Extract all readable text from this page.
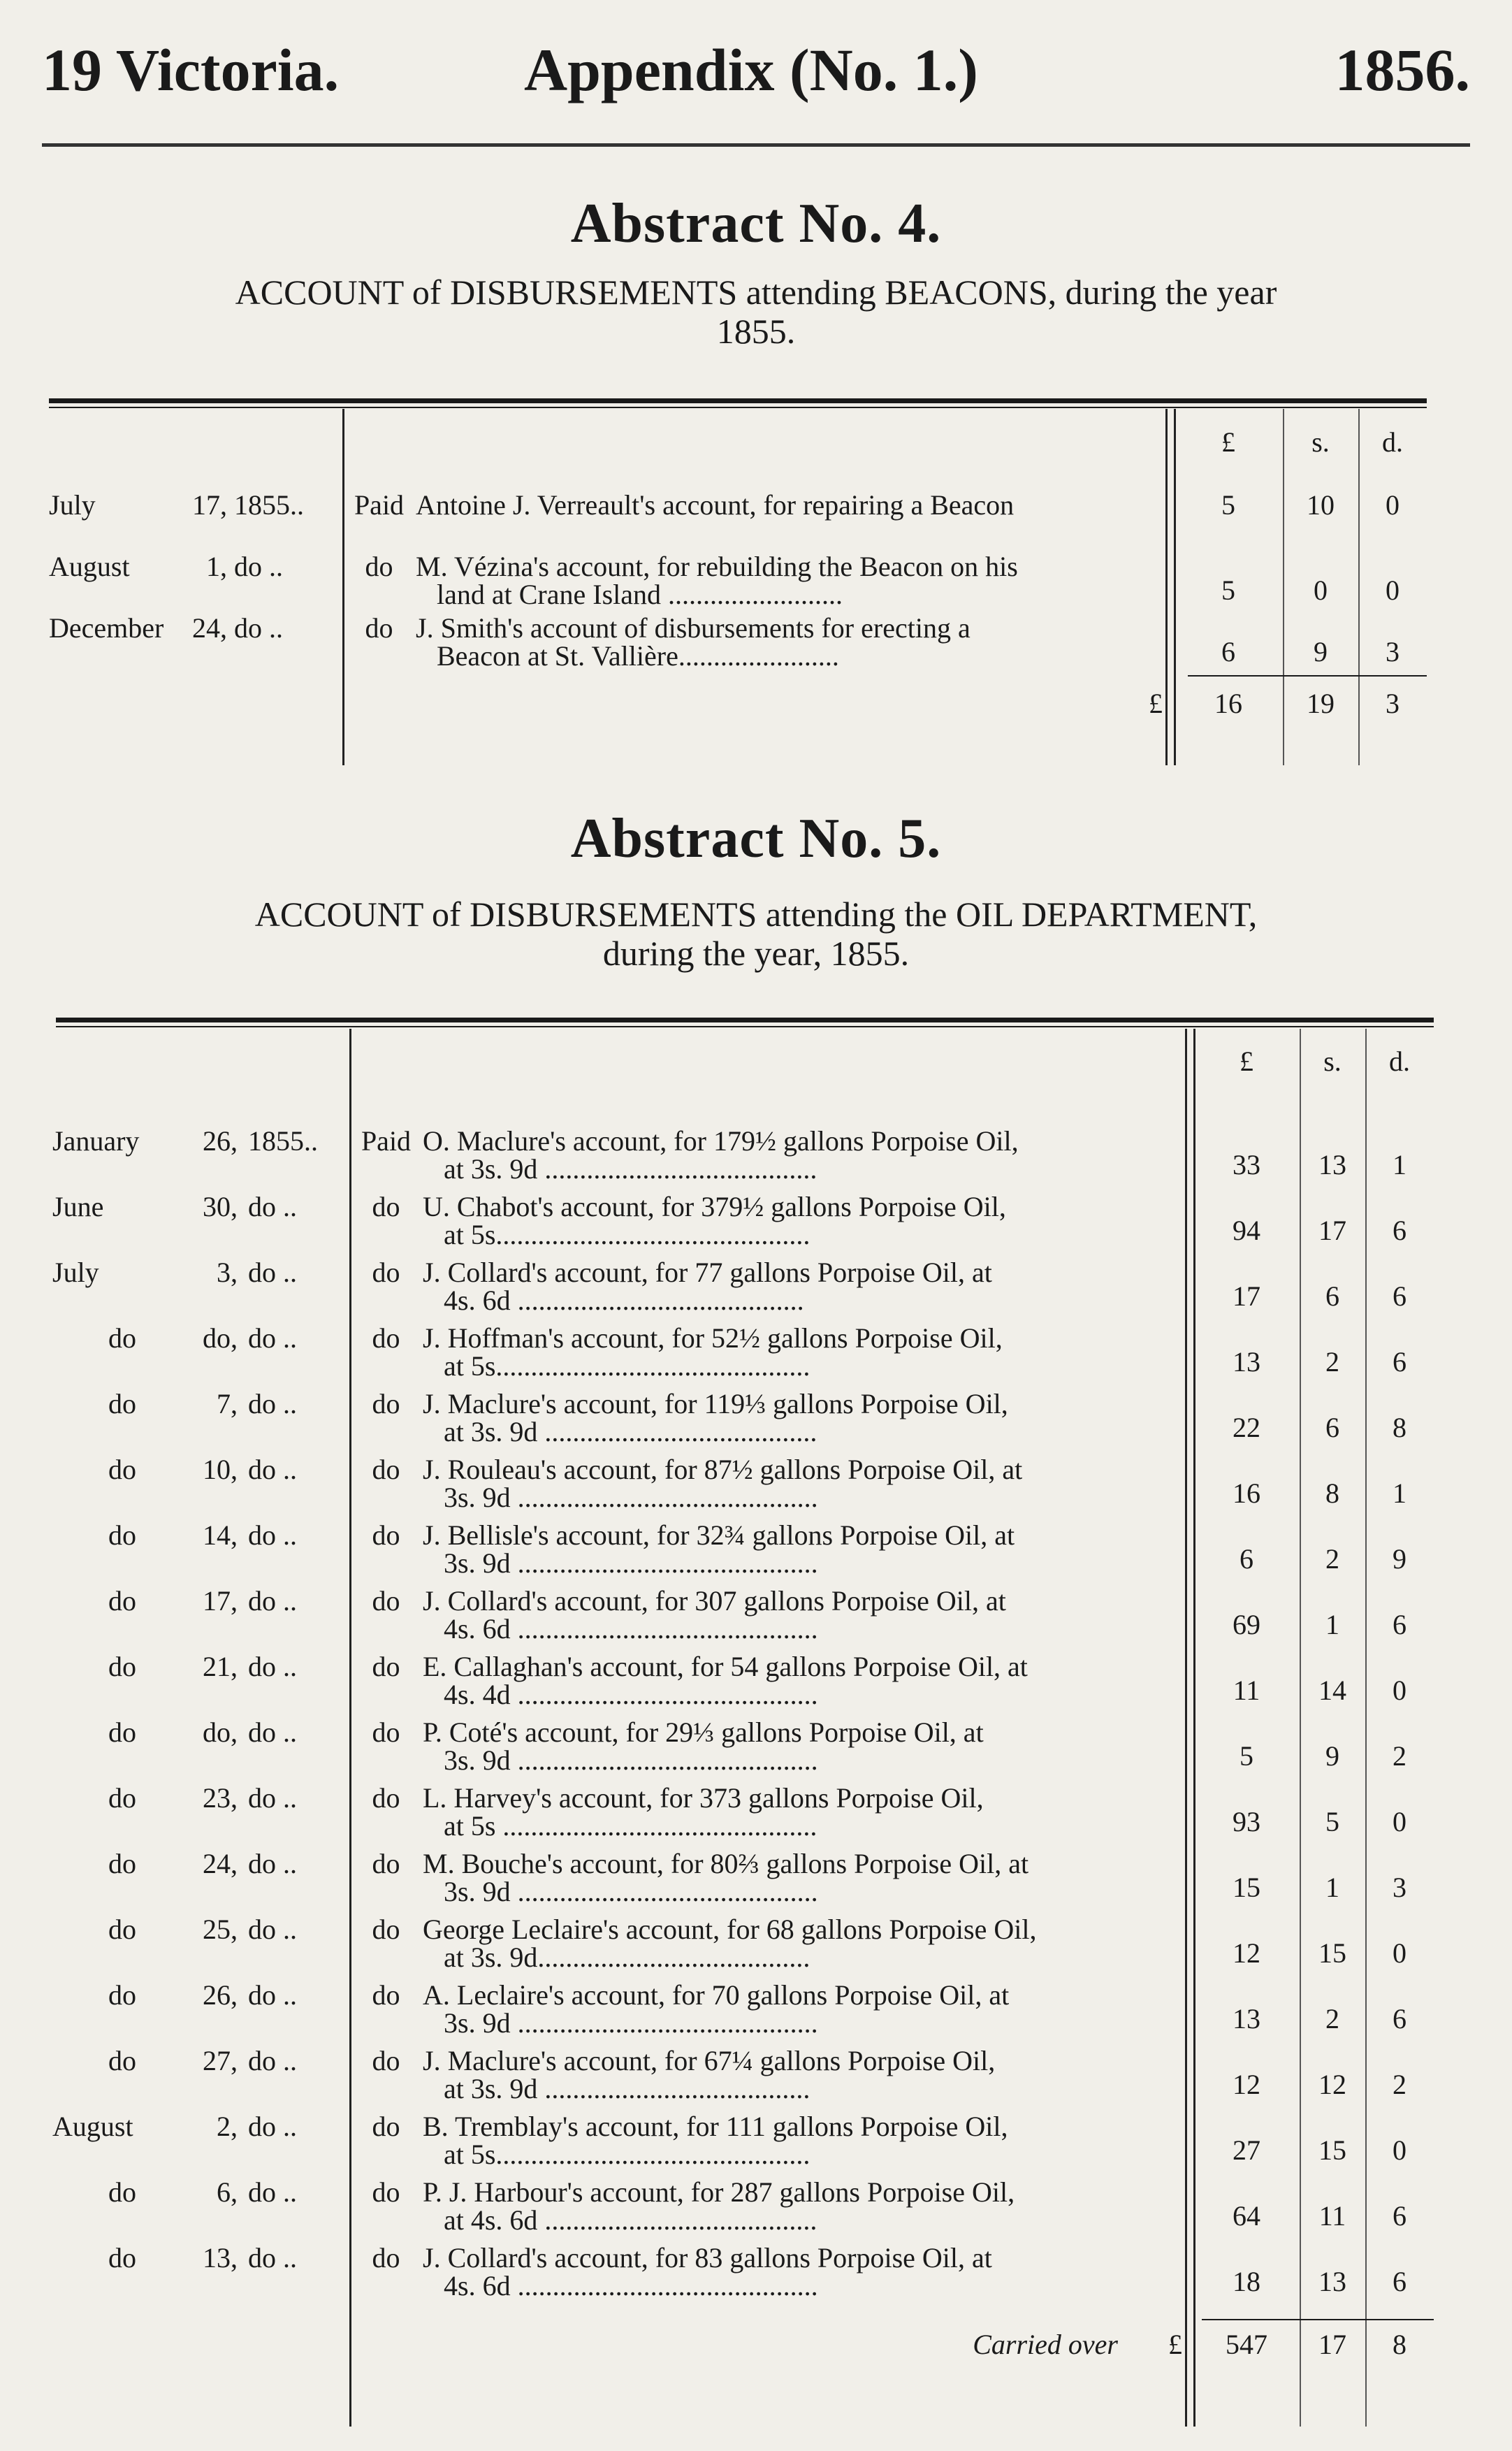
19 Victoria.	Appendix (No. 1.)	1856.
Abstract No. 4.
ACCOUNT of DISBURSEMENTS attending BEACONS, during the year
1855.
£	s.	d.
July	17, 1855..	Paid Antoine J. Verreault's account, for repairing a Beacon	5	10	0
August	1, do ..	do M. Vézina's account, for rebuilding the Beacon on his
land at Crane Island .........................	5	0	0
December	24, do ..	do J. Smith's account of disbursements for erecting a
Beacon at St. Vallière.......................	6	9	3
£	16	19	3
Abstract No. 5.
ACCOUNT of DISBURSEMENTS attending the OIL DEPARTMENT,
during the year, 1855.
£	s.	d.
January	26, 1855..	Paid O. Maclure's account, for 179½ gallons Porpoise Oil,
at 3s. 9d .......................................	33	13	1
June	30, do ..	do U. Chabot's account, for 379½ gallons Porpoise Oil,
at 5s.............................................	94	17	6
July	3, do ..	do J. Collard's account, for 77 gallons Porpoise Oil, at
4s. 6d .........................................	17	6	6
do	do, do ..	do J. Hoffman's account, for 52½ gallons Porpoise Oil,
at 5s.............................................	13	2	6
do	7, do ..	do J. Maclure's account, for 119⅓ gallons Porpoise Oil,
at 3s. 9d .......................................	22	6	8
do	10, do ..	do J. Rouleau's account, for 87½ gallons Porpoise Oil, at
3s. 9d ...........................................	16	8	1
do	14, do ..	do J. Bellisle's account, for 32¾ gallons Porpoise Oil, at
3s. 9d ...........................................	6	2	9
do	17, do ..	do J. Collard's account, for 307 gallons Porpoise Oil, at
4s. 6d ...........................................	69	1	6
do	21, do ..	do E. Callaghan's account, for 54 gallons Porpoise Oil, at
4s. 4d ...........................................	11	14	0
do	do, do ..	do P. Coté's account, for 29⅓ gallons Porpoise Oil, at
3s. 9d ...........................................	5	9	2
do	23, do ..	do L. Harvey's account, for 373 gallons Porpoise Oil,
at 5s .............................................	93	5	0
do	24, do ..	do M. Bouche's account, for 80⅔ gallons Porpoise Oil, at
3s. 9d ...........................................	15	1	3
do	25, do ..	do George Leclaire's account, for 68 gallons Porpoise Oil,
at 3s. 9d.......................................	12	15	0
do	26, do ..	do A. Leclaire's account, for 70 gallons Porpoise Oil, at
3s. 9d ...........................................	13	2	6
do	27, do ..	do J. Maclure's account, for 67¼ gallons Porpoise Oil,
at 3s. 9d ......................................	12	12	2
August	2, do ..	do B. Tremblay's account, for 111 gallons Porpoise Oil,
at 5s.............................................	27	15	0
do	6, do ..	do P. J. Harbour's account, for 287 gallons Porpoise Oil,
at 4s. 6d .......................................	64	11	6
do	13, do ..	do J. Collard's account, for 83 gallons Porpoise Oil, at
4s. 6d ...........................................	18	13	6
Carried over	£	547	17	8
